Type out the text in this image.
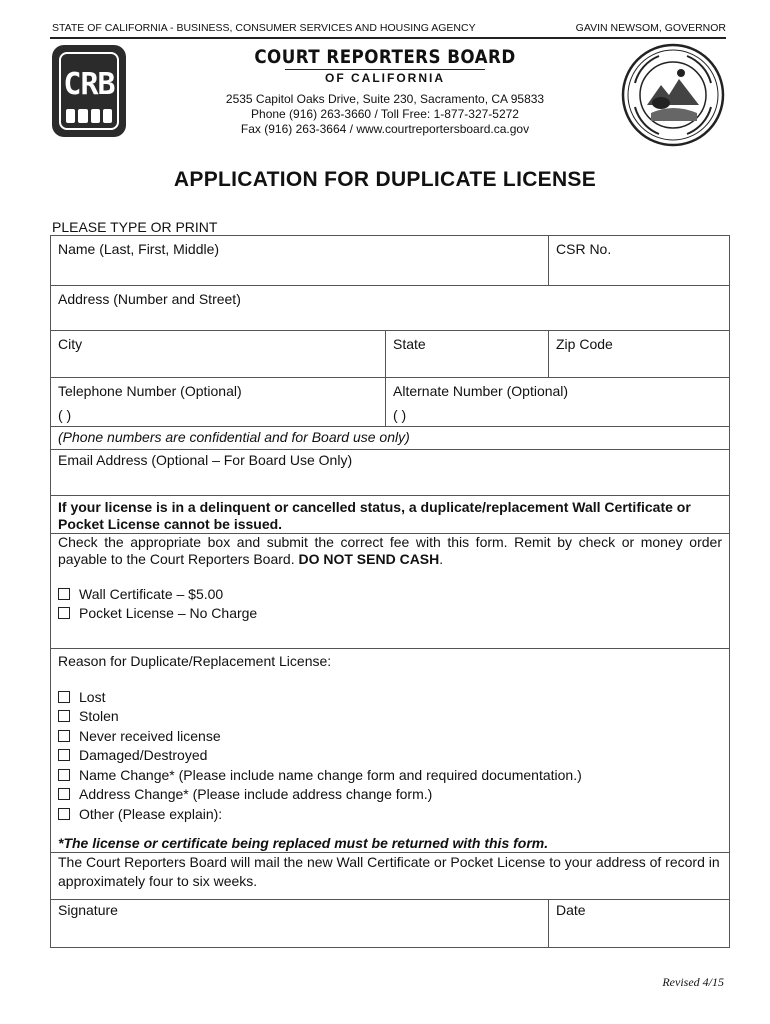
STATE OF CALIFORNIA - BUSINESS, CONSUMER SERVICES AND HOUSING AGENCY	GAVIN NEWSOM, GOVERNOR
CRB
COURT REPORTERS BOARD
OF CALIFORNIA
2535 Capitol Oaks Drive, Suite 230, Sacramento, CA 95833
Phone (916) 263-3660 / Toll Free: 1-877-327-5272
Fax (916) 263-3664 / www.courtreportersboard.ca.gov
APPLICATION FOR DUPLICATE LICENSE
PLEASE TYPE OR PRINT
Name (Last, First, Middle)	CSR No.
Address (Number and Street)
City	State	Zip Code
Telephone Number (Optional)
( )
Alternate Number (Optional)
( )
(Phone numbers are confidential and for Board use only)
Email Address (Optional – For Board Use Only)
If your license is in a delinquent or cancelled status, a duplicate/replacement Wall Certificate or Pocket License cannot be issued.
Check the appropriate box and submit the correct fee with this form. Remit by check or money order payable to the Court Reporters Board. DO NOT SEND CASH.
Wall Certificate – $5.00
Pocket License – No Charge
Reason for Duplicate/Replacement License:
Lost
Stolen
Never received license
Damaged/Destroyed
Name Change* (Please include name change form and required documentation.)
Address Change* (Please include address change form.)
Other (Please explain):
*The license or certificate being replaced must be returned with this form.
The Court Reporters Board will mail the new Wall Certificate or Pocket License to your address of record in approximately four to six weeks.
Signature	Date
Revised 4/15
